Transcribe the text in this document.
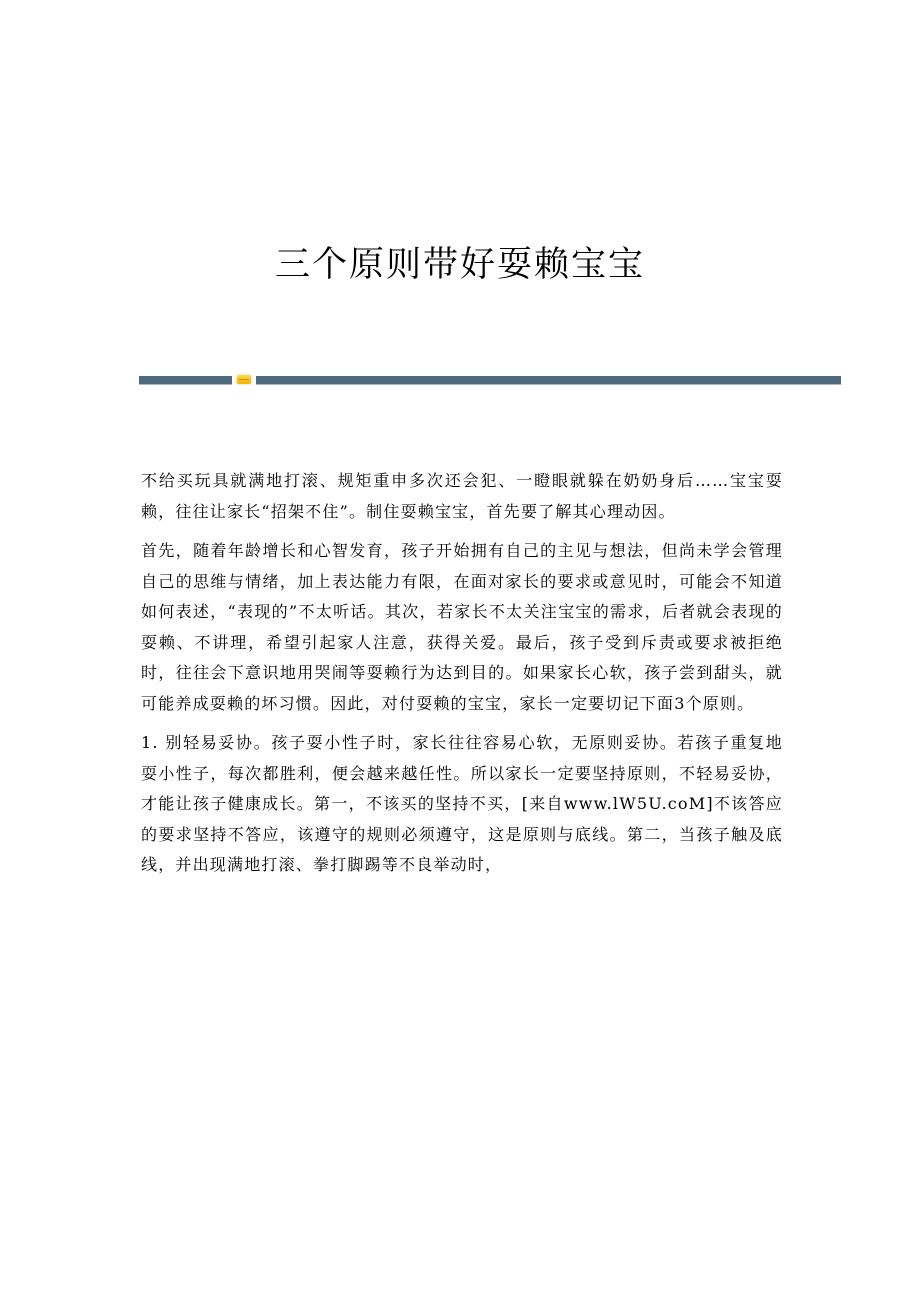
三个原则带好耍赖宝宝

不给买玩具就满地打滚、规矩重申多次还会犯、一瞪眼就躲在奶奶身后……宝宝耍赖，往往让家长“招架不住”。制住耍赖宝宝，首先要了解其心理动因。

首先，随着年龄增长和心智发育，孩子开始拥有自己的主见与想法，但尚未学会管理自己的思维与情绪，加上表达能力有限，在面对家长的要求或意见时，可能会不知道如何表述，“表现的”不太听话。其次，若家长不太关注宝宝的需求，后者就会表现的耍赖、不讲理，希望引起家人注意，获得关爱。最后，孩子受到斥责或要求被拒绝时，往往会下意识地用哭闹等耍赖行为达到目的。如果家长心软，孩子尝到甜头，就可能养成耍赖的坏习惯。因此，对付耍赖的宝宝，家长一定要切记下面3个原则。

1. 别轻易妥协。孩子耍小性子时，家长往往容易心软，无原则妥协。若孩子重复地耍小性子，每次都胜利，便会越来越任性。所以家长一定要坚持原则，不轻易妥协，才能让孩子健康成长。第一，不该买的坚持不买，[来自www.lW5U.coM]不该答应的要求坚持不答应，该遵守的规则必须遵守，这是原则与底线。第二，当孩子触及底线，并出现满地打滚、拳打脚踢等不良举动时，
